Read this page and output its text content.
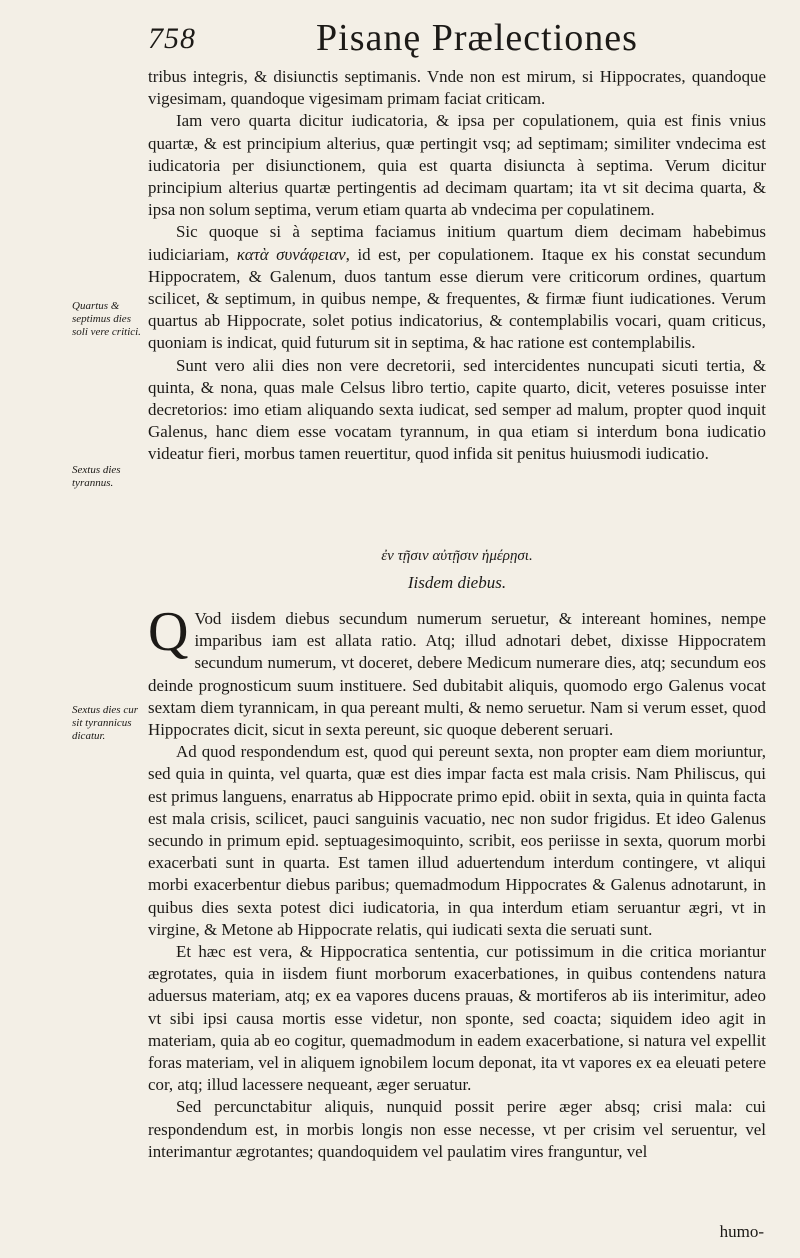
758	Pisanę Prælectiones

tribus integris, & disiunctis septimanis. Vnde non est mirum, si Hippocrates, quandoque vigesimam, quandoque vigesimam primam faciat criticam.

Iam vero quarta dicitur iudicatoria, & ipsa per copulationem, quia est finis vnius quartæ, & est principium alterius, quæ pertingit vsq; ad septimam; similiter vndecima est iudicatoria per disiunctionem, quia est quarta disiuncta à septima. Verum dicitur principium alterius quartæ pertingentis ad decimam quartam; ita vt sit decima quarta, & ipsa non solum septima, verum etiam quarta ab vndecima per copulatinem.

Sic quoque si à septima faciamus initium quartum diem decimam habebimus iudiciariam, κατὰ συνάφειαν, id est, per copulationem. Itaque ex his constat secundum Hippocratem, & Galenum, duos tantum esse dierum vere criticorum ordines, quartum scilicet, & septimum, in quibus nempe, & frequentes, & firmæ fiunt iudicationes. Verum quartus ab Hippocrate, solet potius indicatorius, & contemplabilis vocari, quam criticus, quoniam is indicat, quid futurum sit in septima, & hac ratione est contemplabilis.

Sunt vero alii dies non vere decretorii, sed intercidentes nuncupati sicuti tertia, & quinta, & nona, quas male Celsus libro tertio, capite quarto, dicit, veteres posuisse inter decretorios: imo etiam aliquando sexta iudicat, sed semper ad malum, propter quod inquit Galenus, hanc diem esse vocatam tyrannum, in qua etiam si interdum bona iudicatio videatur fieri, morbus tamen reuertitur, quod infida sit penitus huiusmodi iudicatio.

Quartus & septimus dies soli vere critici.
Sextus dies tyrannus.
Sextus dies cur sit tyrannicus dicatur.
ἐν τῇσιν αὐτῇσιν ἡμέρῃσι.
Iisdem diebus.

Q Vod iisdem diebus secundum numerum seruetur, & intereant homines, nempe imparibus iam est allata ratio. Atq; illud adnotari debet, dixisse Hippocratem secundum numerum, vt doceret, debere Medicum numerare dies, atq; secundum eos deinde prognosticum suum instituere. Sed dubitabit aliquis, quomodo ergo Galenus vocat sextam diem tyrannicam, in qua pereant multi, & nemo seruetur. Nam si verum esset, quod Hippocrates dicit, sicut in sexta pereunt, sic quoque deberent seruari.

Ad quod respondendum est, quod qui pereunt sexta, non propter eam diem moriuntur, sed quia in quinta, vel quarta, quæ est dies impar facta est mala crisis. Nam Philiscus, qui est primus languens, enarratus ab Hippocrate primo epid. obiit in sexta, quia in quinta facta est mala crisis, scilicet, pauci sanguinis vacuatio, nec non sudor frigidus. Et ideo Galenus secundo in primum epid. septuagesimoquinto, scribit, eos periisse in sexta, quorum morbi exacerbati sunt in quarta. Est tamen illud aduertendum interdum contingere, vt aliqui morbi exacerbentur diebus paribus; quemadmodum Hippocrates & Galenus adnotarunt, in quibus dies sexta potest dici iudicatoria, in qua interdum etiam seruantur ægri, vt in virgine, & Metone ab Hippocrate relatis, qui iudicati sexta die seruati sunt.

Et hæc est vera, & Hippocratica sententia, cur potissimum in die critica moriantur ægrotates, quia in iisdem fiunt morborum exacerbationes, in quibus contendens natura aduersus materiam, atq; ex ea vapores ducens prauas, & mortiferos ab iis interimitur, adeo vt sibi ipsi causa mortis esse videtur, non sponte, sed coacta; siquidem ideo agit in materiam, quia ab eo cogitur, quemadmodum in eadem exacerbatione, si natura vel expellit foras materiam, vel in aliquem ignobilem locum deponat, ita vt vapores ex ea eleuati petere cor, atq; illud lacessere nequeant, æger seruatur.

Sed percunctabitur aliquis, nunquid possit perire æger absq; crisi mala: cui respondendum est, in morbis longis non esse necesse, vt per crisim vel seruentur, vel interimantur ægrotantes; quandoquidem vel paulatim vires franguntur, vel

humo-
